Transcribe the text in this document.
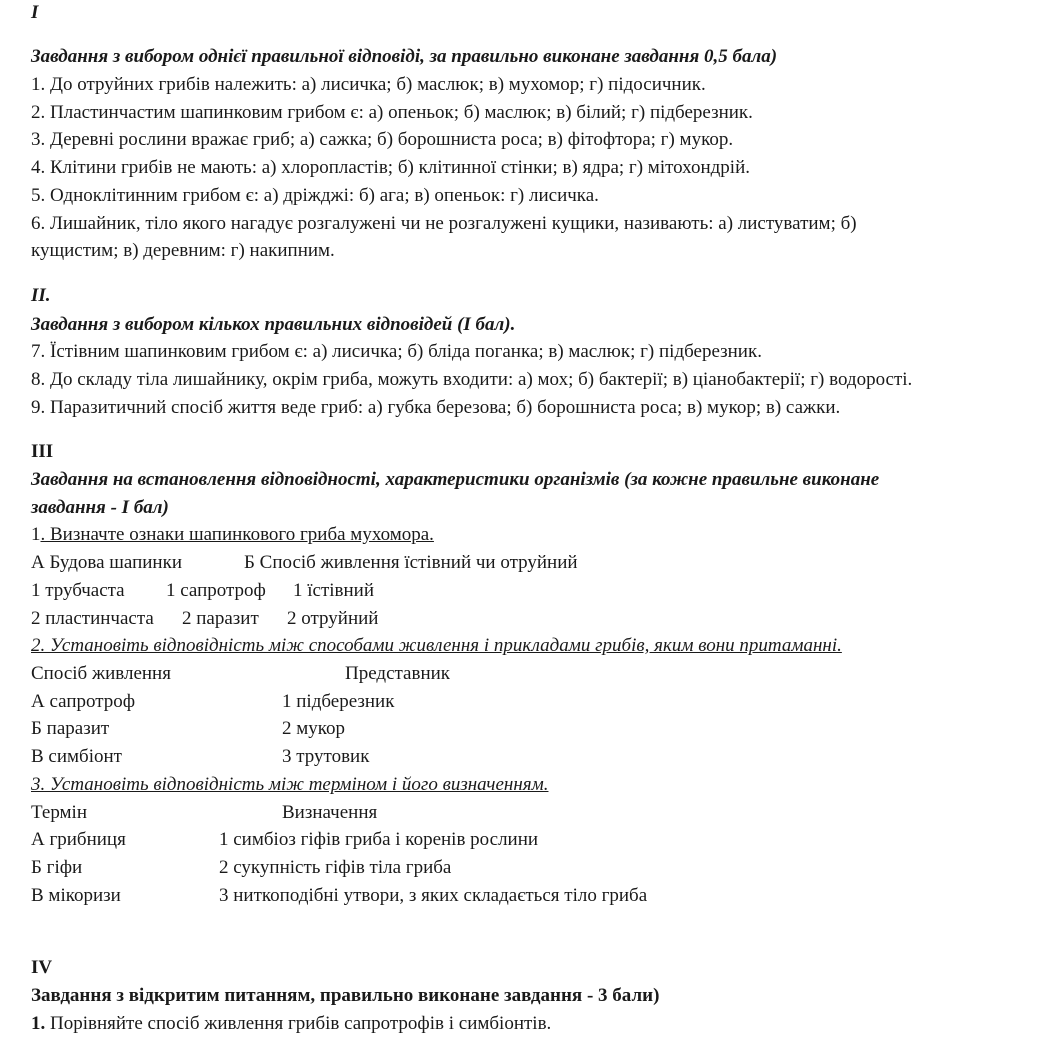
I
Завдання з вибором однієї правильної відповіді, за правильно виконане завдання 0,5 бала)
1. До отруйних грибів належить: а) лисичка; б) маслюк; в) мухомор; г) підосичник.
2. Пластинчастим шапинковим грибом є: а) опеньок; б) маслюк; в) білий; г) підберезник.
3. Деревні рослини вражає гриб; а) сажка; б) борошниста роса; в) фітофтора; г) мукор.
4. Клітини грибів не мають: а) хлоропластів; б) клітинної стінки; в) ядра; г) мітохондрій.
5. Одноклітинним грибом є: а) дріжджі: б) ага; в) опеньок: г) лисичка.
6. Лишайник, тіло якого нагадує розгалужені чи не розгалужені кущики, називають: а) листуватим; б)
кущистим; в) деревним: г) накипним.
II.
Завдання з вибором кількох правильних відповідей (І бал).
7. Їстівним шапинковим грибом є: а) лисичка; б) бліда поганка; в) маслюк; г) підберезник.
8. До складу тіла лишайнику, окрім гриба, можуть входити: а) мох; б) бактерії; в) ціанобактерії; г) водорості.
9. Паразитичний спосіб життя веде гриб: а) губка березова; б) борошниста роса; в) мукор; в) сажки.
III
Завдання на встановлення відповідності, характеристики організмів (за кожне правильне виконане
завдання - І бал)
1. Визначте ознаки шапинкового гриба мухомора.
А Будова шапинки	Б Спосіб живлення їстівний чи отруйний
1 трубчаста 1 сапротроф 1 їстівний
2 пластинчаста 2 паразит 2 отруйний
2. Установіть відповідність між способами живлення і прикладами грибів, яким вони притаманні.
Спосіб живлення	Представник
А сапротроф	1 підберезник
Б паразит	2 мукор
В симбіонт	3 трутовик
3. Установіть відповідність між терміном і його визначенням.
Термін	Визначення
А грибниця	1 симбіоз гіфів гриба і коренів рослини
Б гіфи	2 сукупність гіфів тіла гриба
В мікоризи	3 ниткоподібні утвори, з яких складається тіло гриба
IV
Завдання з відкритим питанням, правильно виконане завдання - 3 бали)
1. Порівняйте спосіб живлення грибів сапротрофів і симбіонтів.
